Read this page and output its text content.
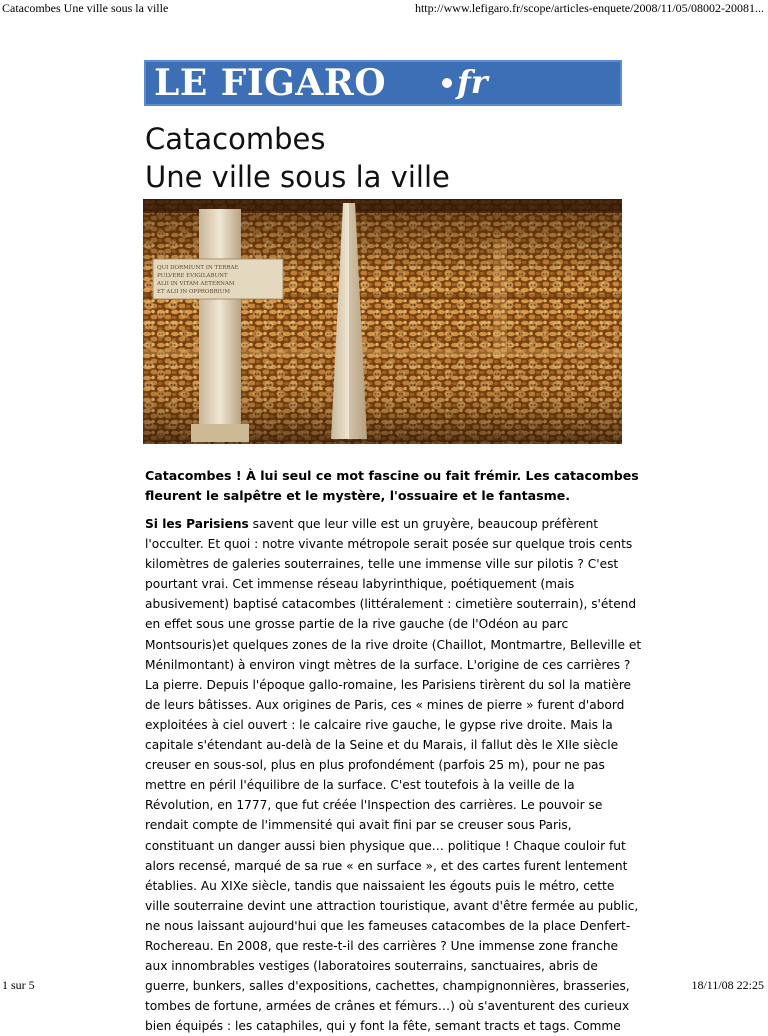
Catacombes Une ville sous la ville	http://www.lefigaro.fr/scope/articles-enquete/2008/11/05/08002-20081...
LE FIGARO fr
Catacombes
Une ville sous la ville
QUI DORMIUNT IN TERRAE
PULVERE EVIGILABUNT
ALII IN VITAM AETERNAM
ET ALII IN OPPROBRIUM
Catacombes ! À lui seul ce mot fascine ou fait frémir. Les catacombes
fleurent le salpêtre et le mystère, l'ossuaire et le fantasme.
Si les Parisiens savent que leur ville est un gruyère, beaucoup préfèrent
l'occulter. Et quoi : notre vivante métropole serait posée sur quelque trois cents
kilomètres de galeries souterraines, telle une immense ville sur pilotis ? C'est
pourtant vrai. Cet immense réseau labyrinthique, poétiquement (mais
abusivement) baptisé catacombes (littéralement : cimetière souterrain), s'étend
en effet sous une grosse partie de la rive gauche (de l'Odéon au parc
Montsouris)et quelques zones de la rive droite (Chaillot, Montmartre, Belleville et
Ménilmontant) à environ vingt mètres de la surface. L'origine de ces carrières ?
La pierre. Depuis l'époque gallo-romaine, les Parisiens tirèrent du sol la matière
de leurs bâtisses. Aux origines de Paris, ces « mines de pierre » furent d'abord
exploitées à ciel ouvert : le calcaire rive gauche, le gypse rive droite. Mais la
capitale s'étendant au-delà de la Seine et du Marais, il fallut dès le XIIe siècle
creuser en sous-sol, plus en plus profondément (parfois 25 m), pour ne pas
mettre en péril l'équilibre de la surface. C'est toutefois à la veille de la
Révolution, en 1777, que fut créée l'Inspection des carrières. Le pouvoir se
rendait compte de l'immensité qui avait fini par se creuser sous Paris,
constituant un danger aussi bien physique que… politique ! Chaque couloir fut
alors recensé, marqué de sa rue « en surface », et des cartes furent lentement
établies. Au XIXe siècle, tandis que naissaient les égouts puis le métro, cette
ville souterraine devint une attraction touristique, avant d'être fermée au public,
ne nous laissant aujourd'hui que les fameuses catacombes de la place Denfert-
Rochereau. En 2008, que reste-t-il des carrières ? Une immense zone franche
aux innombrables vestiges (laboratoires souterrains, sanctuaires, abris de
guerre, bunkers, salles d'expositions, cachettes, champignonnières, brasseries,
tombes de fortune, armées de crânes et fémurs…) où s'aventurent des curieux
bien équipés : les cataphiles, qui y font la fête, semant tracts et tags. Comme
1 sur 5	18/11/08 22:25
